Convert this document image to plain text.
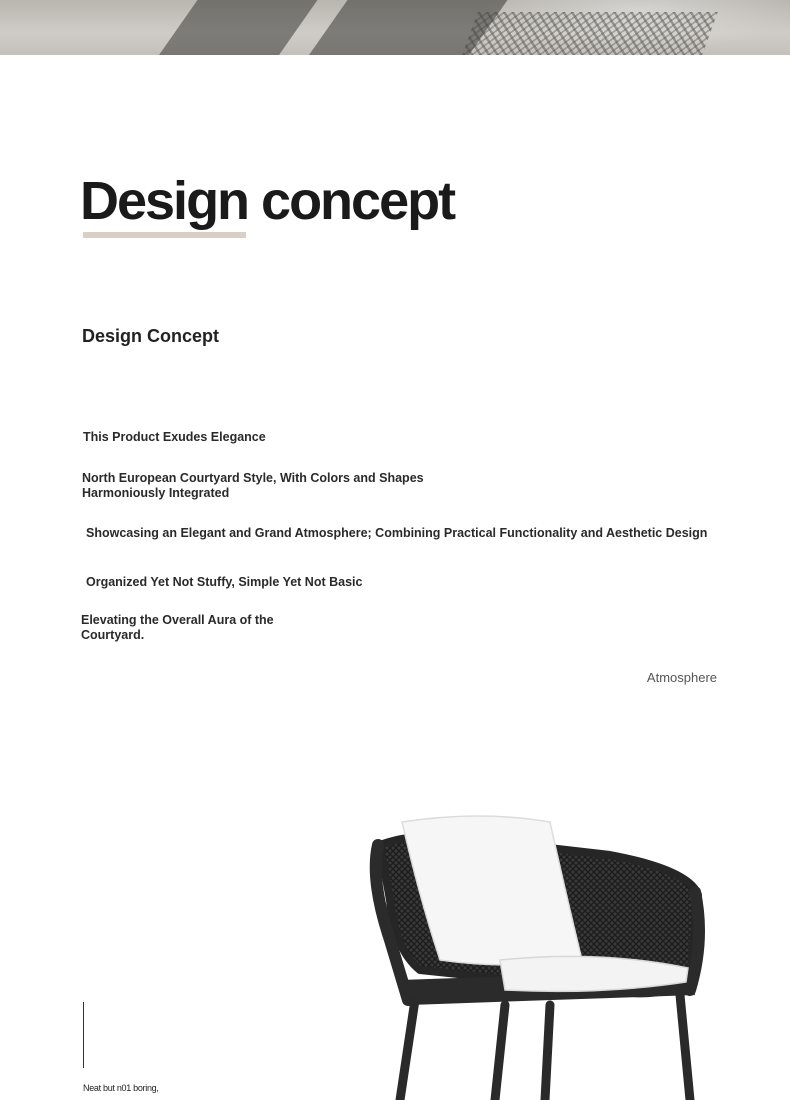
Design concept
Design Concept
This Product Exudes Elegance
North European Courtyard Style, With Colors and Shapes Harmoniously Integrated
Showcasing an Elegant and Grand Atmosphere; Combining Practical Functionality and Aesthetic Design
Organized Yet Not Stuffy, Simple Yet Not Basic
Elevating the Overall Aura of the Courtyard.
Atmosphere
Neat but n01 boring,
